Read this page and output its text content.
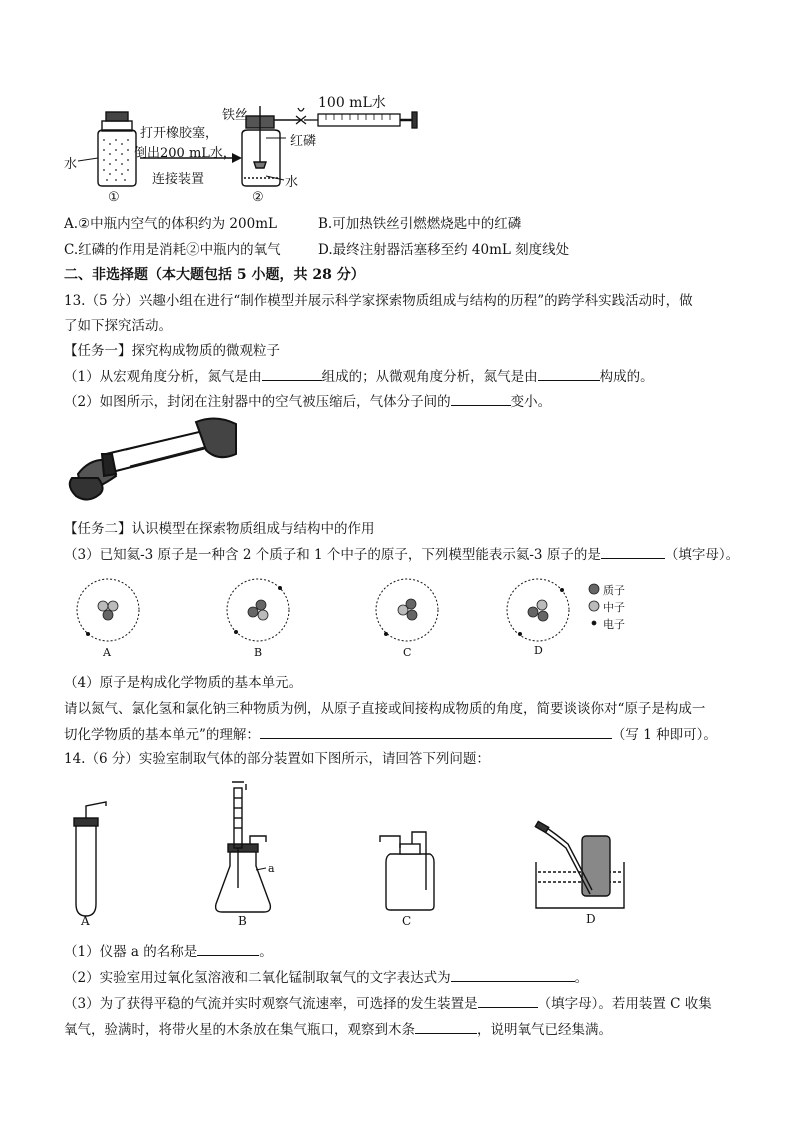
100 mL水
铁丝
水
打开橡胶塞，
倒出200 mL水，
连接装置
红磷
水
①	②
A.②中瓶内空气的体积约为 200mL	B.可加热铁丝引燃燃烧匙中的红磷
C.红磷的作用是消耗②中瓶内的氧气	D.最终注射器活塞移至约 40mL 刻度线处
二、非选择题（本大题包括 5 小题，共 28 分）
13.（5 分）兴趣小组在进行“制作模型并展示科学家探索物质组成与结构的历程”的跨学科实践活动时，做
了如下探究活动。
【任务一】探究构成物质的微观粒子
（1）从宏观角度分析，氮气是由	组成的；从微观角度分析，氮气是由	构成的。
（2）如图所示，封闭在注射器中的空气被压缩后，气体分子间的	变小。
【任务二】认识模型在探索物质组成与结构中的作用
（3）已知氦-3 原子是一种含 2 个质子和 1 个中子的原子，下列模型能表示氦-3 原子的是	（填字母）。
A	B	C	D
质子
中子
电子
（4）原子是构成化学物质的基本单元。
请以氮气、氯化氢和氯化钠三种物质为例，从原子直接或间接构成物质的角度，简要谈谈你对“原子是构成一
切化学物质的基本单元”的理解：	（写 1 种即可）。
14.（6 分）实验室制取气体的部分装置如下图所示，请回答下列问题：
a
A	B	C	D
（1）仪器 a 的名称是	。
（2）实验室用过氧化氢溶液和二氧化锰制取氧气的文字表达式为	。
（3）为了获得平稳的气流并实时观察气流速率，可选择的发生装置是	（填字母）。若用装置 C 收集
氧气，验满时，将带火星的木条放在集气瓶口，观察到木条	，说明氧气已经集满。
